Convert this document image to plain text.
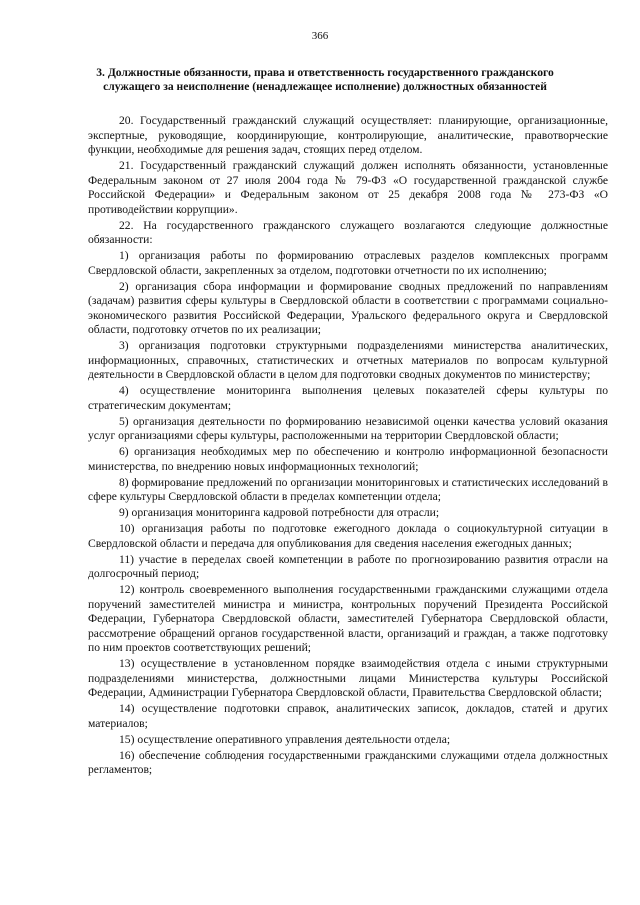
366
3. Должностные обязанности, права и ответственность государственного гражданского служащего за неисполнение (ненадлежащее исполнение) должностных обязанностей

20. Государственный гражданский служащий осуществляет: планирующие, организационные, экспертные, руководящие, координирующие, контролирующие, аналитические, правотворческие функции, необходимые для решения задач, стоящих перед отделом.

21. Государственный гражданский служащий должен исполнять обязанности, установленные Федеральным законом от 27 июля 2004 года № 79-ФЗ «О государственной гражданской службе Российской Федерации» и Федеральным законом от 25 декабря 2008 года № 273-ФЗ «О противодействии коррупции».

22. На государственного гражданского служащего возлагаются следующие должностные обязанности:

1) организация работы по формированию отраслевых разделов комплексных программ Свердловской области, закрепленных за отделом, подготовки отчетности по их исполнению;

2) организация сбора информации и формирование сводных предложений по направлениям (задачам) развития сферы культуры в Свердловской области в соответствии с программами социально-экономического развития Российской Федерации, Уральского федерального округа и Свердловской области, подготовку отчетов по их реализации;

3) организация подготовки структурными подразделениями министерства аналитических, информационных, справочных, статистических и отчетных материалов по вопросам культурной деятельности в Свердловской области в целом для подготовки сводных документов по министерству;

4) осуществление мониторинга выполнения целевых показателей сферы культуры по стратегическим документам;

5) организация деятельности по формированию независимой оценки качества условий оказания услуг организациями сферы культуры, расположенными на территории Свердловской области;

6) организация необходимых мер по обеспечению и контролю информационной безопасности министерства, по внедрению новых информационных технологий;

8) формирование предложений по организации мониторинговых и статистических исследований в сфере культуры Свердловской области в пределах компетенции отдела;

9) организация мониторинга кадровой потребности для отрасли;

10) организация работы по подготовке ежегодного доклада о социокультурной ситуации в Свердловской области и передача для опубликования для сведения населения ежегодных данных;

11) участие в переделах своей компетенции в работе по прогнозированию развития отрасли на долгосрочный период;

12) контроль своевременного выполнения государственными гражданскими служащими отдела поручений заместителей министра и министра, контрольных поручений Президента Российской Федерации, Губернатора Свердловской области, заместителей Губернатора Свердловской области, рассмотрение обращений органов государственной власти, организаций и граждан, а также подготовку по ним проектов соответствующих решений;

13) осуществление в установленном порядке взаимодействия отдела с иными структурными подразделениями министерства, должностными лицами Министерства культуры Российской Федерации, Администрации Губернатора Свердловской области, Правительства Свердловской области;

14) осуществление подготовки справок, аналитических записок, докладов, статей и других материалов;

15) осуществление оперативного управления деятельности отдела;

16) обеспечение соблюдения государственными гражданскими служащими отдела должностных регламентов;
